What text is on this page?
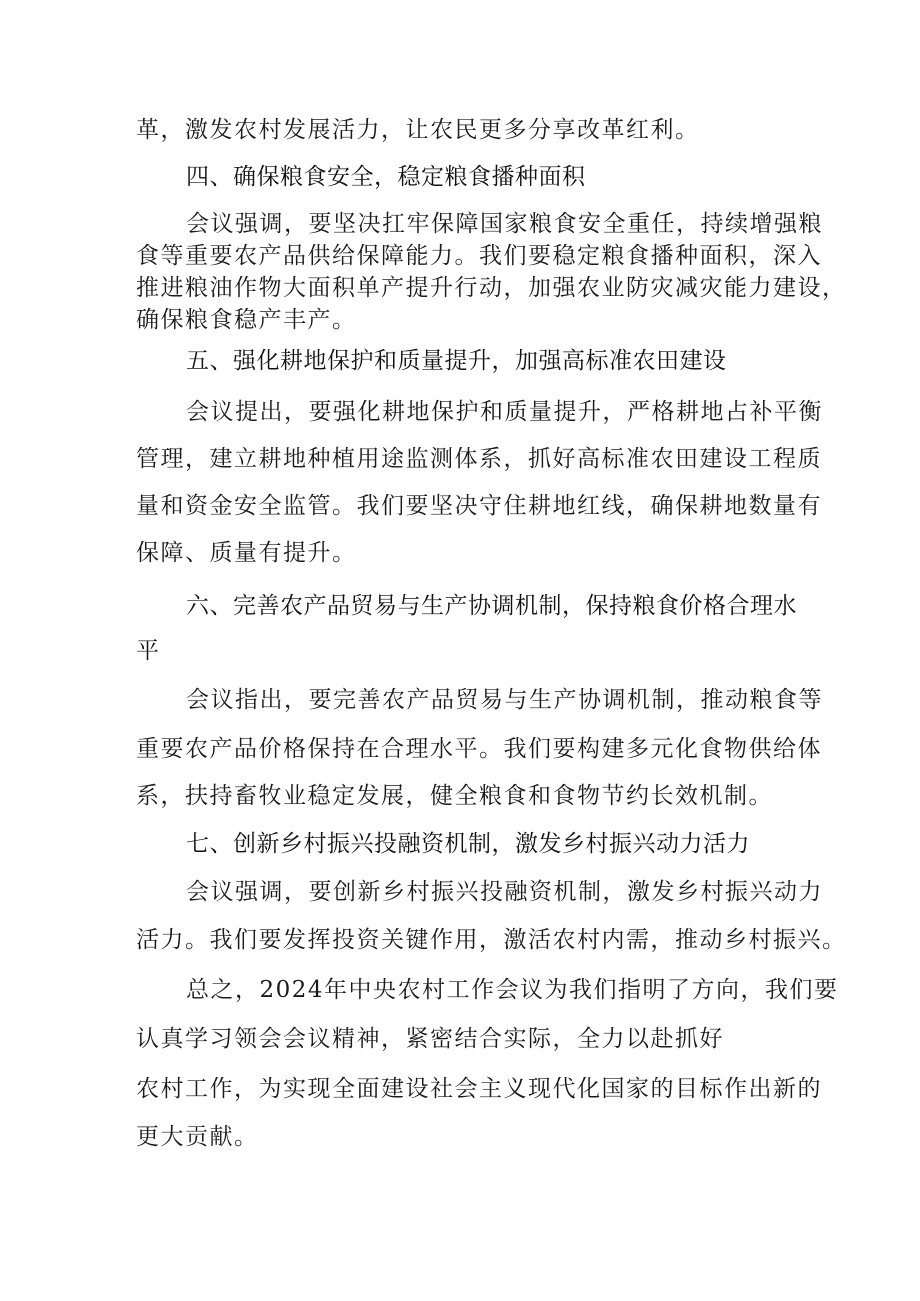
革，激发农村发展活力，让农民更多分享改革红利。
四、确保粮食安全，稳定粮食播种面积
会议强调，要坚决扛牢保障国家粮食安全重任，持续增强粮
食等重要农产品供给保障能力。我们要稳定粮食播种面积，深入
推进粮油作物大面积单产提升行动，加强农业防灾减灾能力建设，
确保粮食稳产丰产。
五、强化耕地保护和质量提升，加强高标准农田建设
会议提出，要强化耕地保护和质量提升，严格耕地占补平衡
管理，建立耕地种植用途监测体系，抓好高标准农田建设工程质
量和资金安全监管。我们要坚决守住耕地红线，确保耕地数量有
保障、质量有提升。
六、完善农产品贸易与生产协调机制，保持粮食价格合理水
平
会议指出，要完善农产品贸易与生产协调机制，推动粮食等
重要农产品价格保持在合理水平。我们要构建多元化食物供给体
系，扶持畜牧业稳定发展，健全粮食和食物节约长效机制。
七、创新乡村振兴投融资机制，激发乡村振兴动力活力
会议强调，要创新乡村振兴投融资机制，激发乡村振兴动力
活力。我们要发挥投资关键作用，激活农村内需，推动乡村振兴。
总之，2024年中央农村工作会议为我们指明了方向，我们要
认真学习领会会议精神，紧密结合实际，全力以赴抓好
农村工作，为实现全面建设社会主义现代化国家的目标作出新的
更大贡献。
